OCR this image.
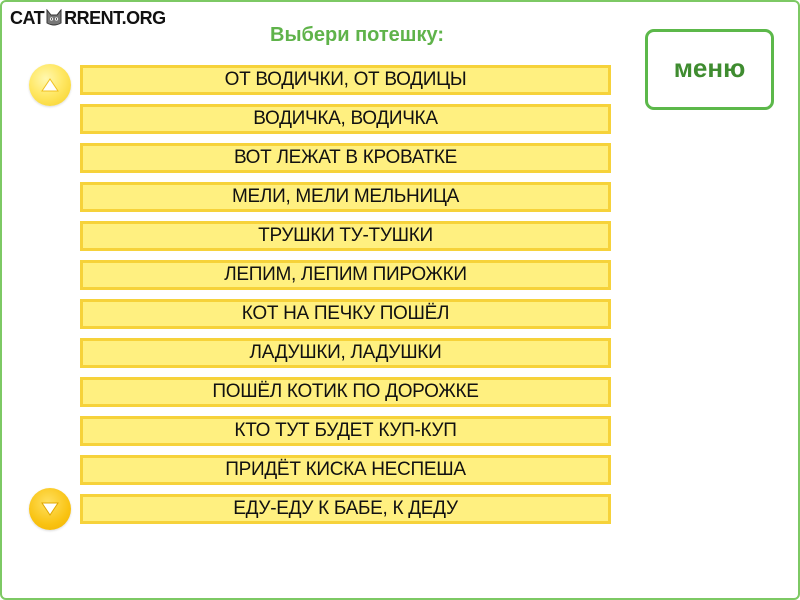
CAT RRENT.ORG
Выбери потешку:
меню
ОТ ВОДИЧКИ, ОТ ВОДИЦЫ
ВОДИЧКА, ВОДИЧКА
ВОТ ЛЕЖАТ В КРОВАТКЕ
МЕЛИ, МЕЛИ МЕЛЬНИЦА
ТРУШКИ ТУ-ТУШКИ
ЛЕПИМ, ЛЕПИМ ПИРОЖКИ
КОТ НА ПЕЧКУ ПОШЁЛ
ЛАДУШКИ, ЛАДУШКИ
ПОШЁЛ КОТИК ПО ДОРОЖКЕ
КТО ТУТ БУДЕТ КУП-КУП
ПРИДЁТ КИСКА НЕСПЕША
ЕДУ-ЕДУ К БАБЕ, К ДЕДУ
